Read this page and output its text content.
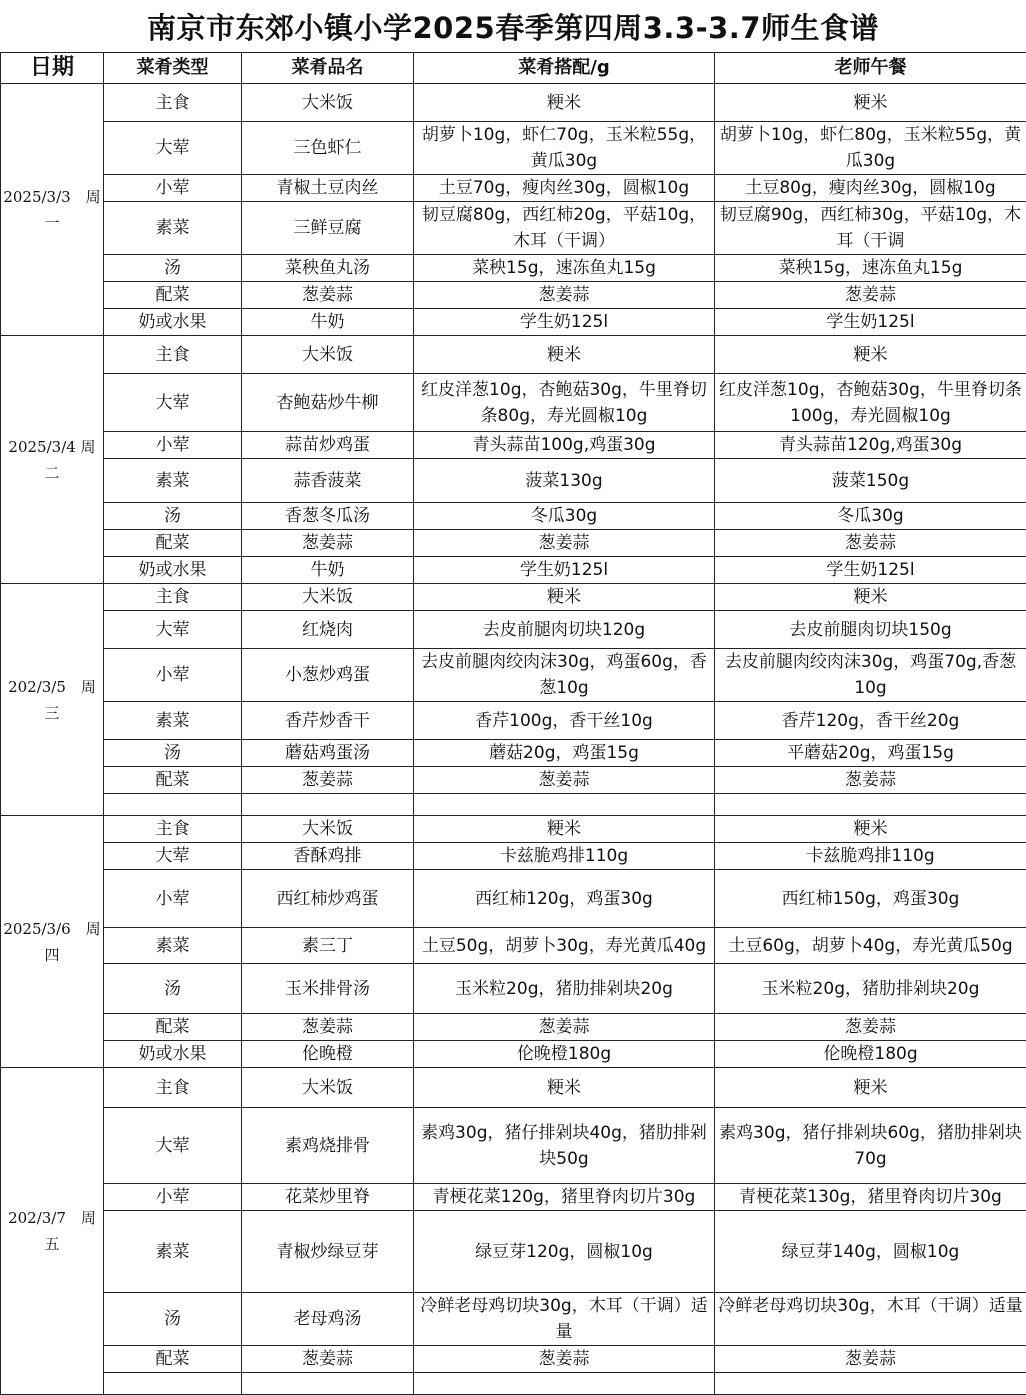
南京市东郊小镇小学2025春季第四周3.3-3.7师生食谱
日期	菜肴类型	菜肴品名	菜肴搭配/g	老师午餐
2025/3/3　周一	主食	大米饭	粳米	粳米
	大荤	三色虾仁	胡萝卜10g，虾仁70g，玉米粒55g，黄瓜30g	胡萝卜10g，虾仁80g，玉米粒55g，黄瓜30g
	小荤	青椒土豆肉丝	土豆70g，瘦肉丝30g，圆椒10g	土豆80g，瘦肉丝30g，圆椒10g
	素菜	三鲜豆腐	韧豆腐80g，西红柿20g，平菇10g，木耳（干调）	韧豆腐90g，西红柿30g，平菇10g，木耳（干调
	汤	菜秧鱼丸汤	菜秧15g，速冻鱼丸15g	菜秧15g，速冻鱼丸15g
	配菜	葱姜蒜	葱姜蒜	葱姜蒜
	奶或水果	牛奶	学生奶125l	学生奶125l
2025/3/4 周二	主食	大米饭	粳米	粳米
	大荤	杏鲍菇炒牛柳	红皮洋葱10g，杏鲍菇30g，牛里脊切条80g，寿光圆椒10g	红皮洋葱10g，杏鲍菇30g，牛里脊切条100g，寿光圆椒10g
	小荤	蒜苗炒鸡蛋	青头蒜苗100g,鸡蛋30g	青头蒜苗120g,鸡蛋30g
	素菜	蒜香菠菜	菠菜130g	菠菜150g
	汤	香葱冬瓜汤	冬瓜30g	冬瓜30g
	配菜	葱姜蒜	葱姜蒜	葱姜蒜
	奶或水果	牛奶	学生奶125l	学生奶125l
202/3/5　周三	主食	大米饭	粳米	粳米
	大荤	红烧肉	去皮前腿肉切块120g	去皮前腿肉切块150g
	小荤	小葱炒鸡蛋	去皮前腿肉绞肉沫30g，鸡蛋60g，香葱10g	去皮前腿肉绞肉沫30g，鸡蛋70g,香葱10g
	素菜	香芹炒香干	香芹100g，香干丝10g	香芹120g，香干丝20g
	汤	蘑菇鸡蛋汤	蘑菇20g，鸡蛋15g	平蘑菇20g，鸡蛋15g
	配菜	葱姜蒜	葱姜蒜	葱姜蒜

2025/3/6　周四	主食	大米饭	粳米	粳米
	大荤	香酥鸡排	卡兹脆鸡排110g	卡兹脆鸡排110g
	小荤	西红柿炒鸡蛋	西红柿120g，鸡蛋30g	西红柿150g，鸡蛋30g
	素菜	素三丁	土豆50g，胡萝卜30g，寿光黄瓜40g	土豆60g，胡萝卜40g，寿光黄瓜50g
	汤	玉米排骨汤	玉米粒20g，猪肋排剁块20g	玉米粒20g，猪肋排剁块20g
	配菜	葱姜蒜	葱姜蒜	葱姜蒜
	奶或水果	伦晚橙	伦晚橙180g	伦晚橙180g
202/3/7　周五	主食	大米饭	粳米	粳米
	大荤	素鸡烧排骨	素鸡30g，猪仔排剁块40g，猪肋排剁块50g	素鸡30g，猪仔排剁块60g，猪肋排剁块70g
	小荤	花菜炒里脊	青梗花菜120g，猪里脊肉切片30g	青梗花菜130g，猪里脊肉切片30g
	素菜	青椒炒绿豆芽	绿豆芽120g，圆椒10g	绿豆芽140g，圆椒10g
	汤	老母鸡汤	冷鲜老母鸡切块30g，木耳（干调）适量	冷鲜老母鸡切块30g，木耳（干调）适量
	配菜	葱姜蒜	葱姜蒜	葱姜蒜
